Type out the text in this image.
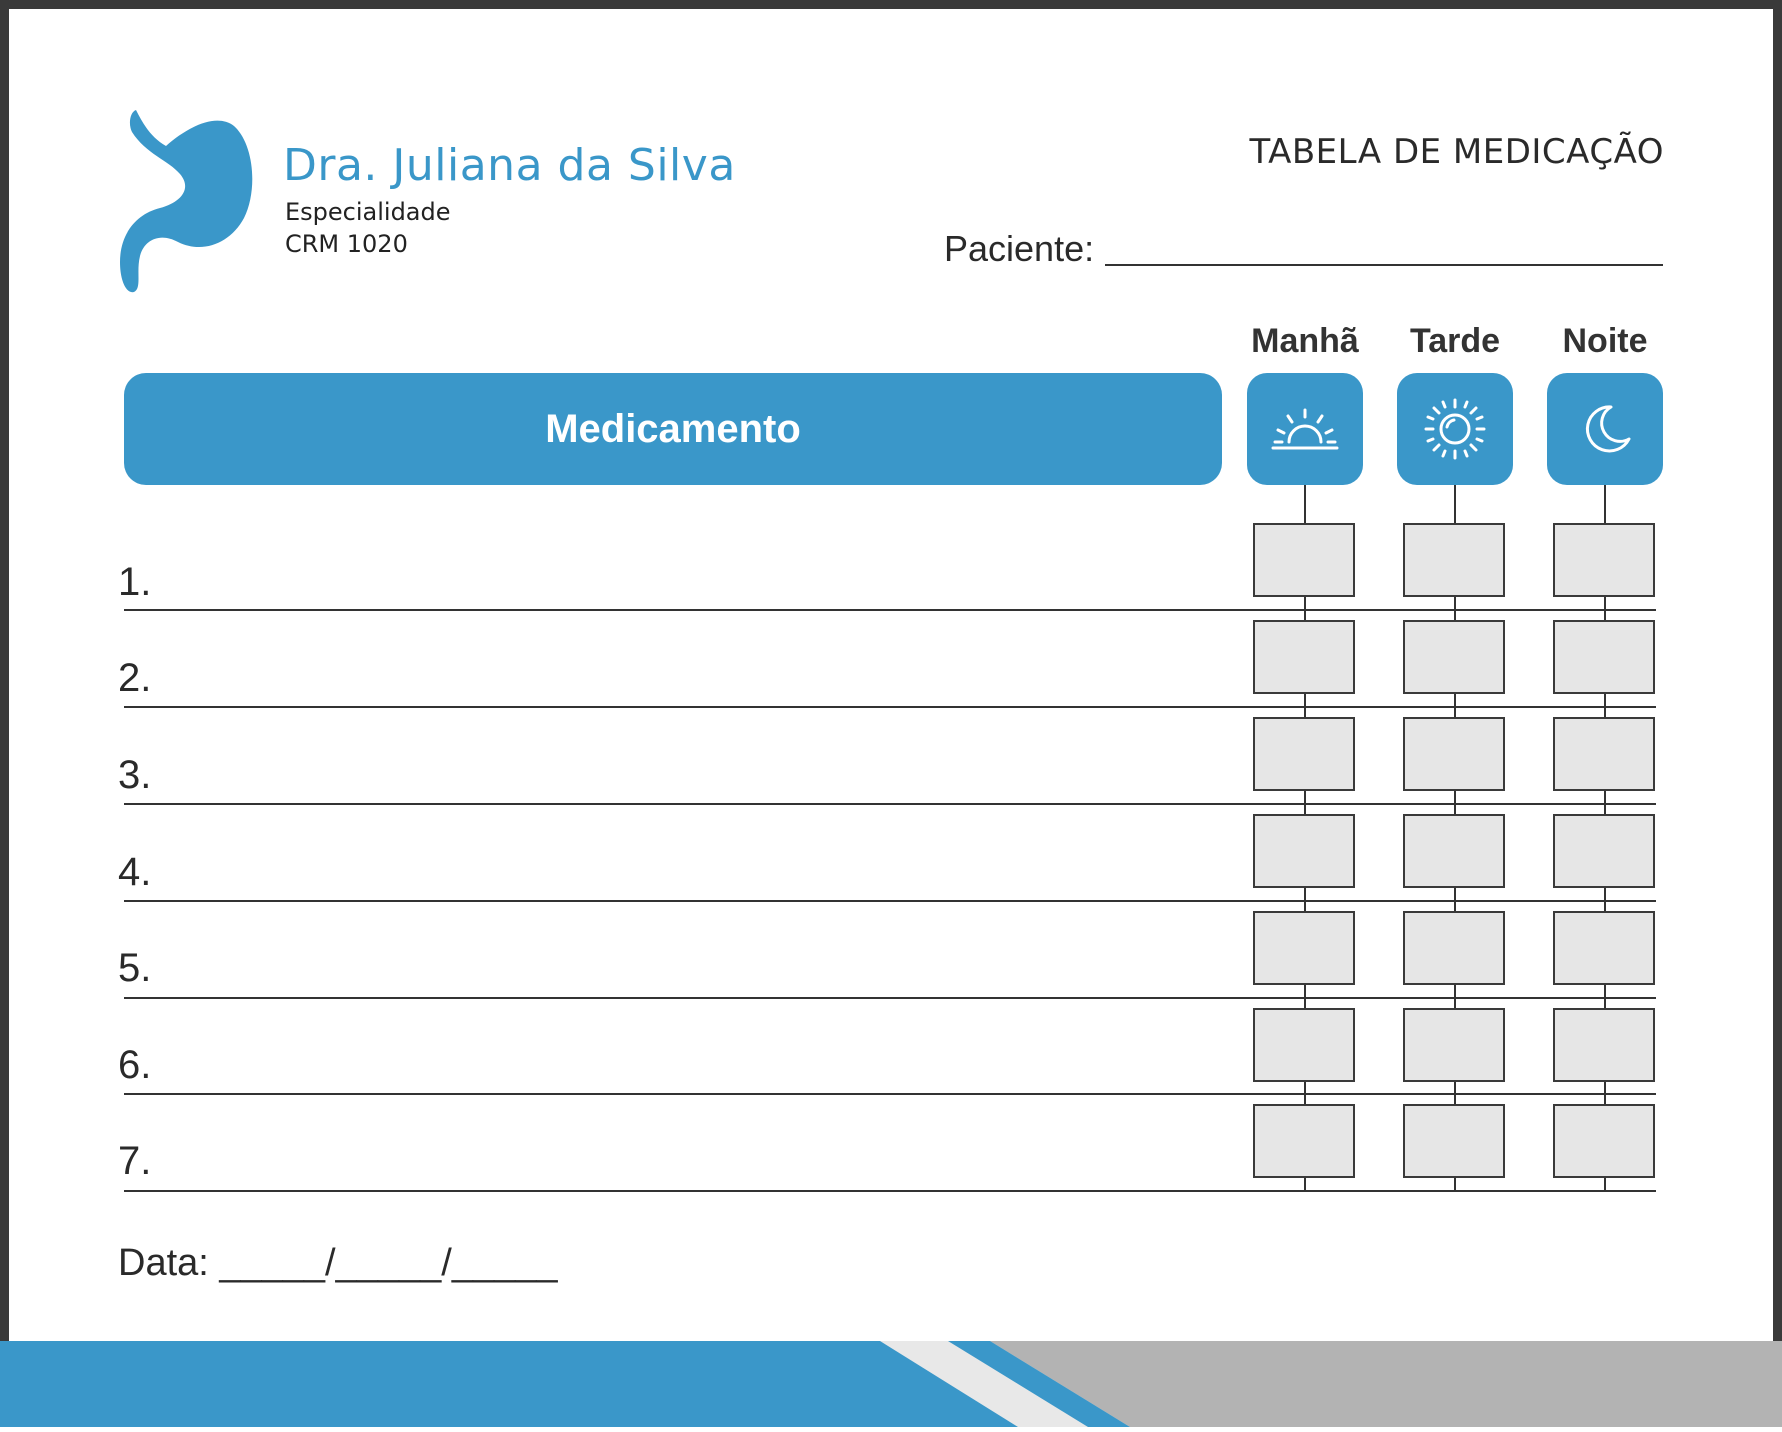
Dra. Juliana da Silva
Especialidade
CRM 1020
TABELA DE MEDICAÇÃO
Paciente:
Medicamento
Manhã	Tarde	Noite
1.
2.
3.
4.
5.
6.
7.
Data: _____/_____/_____
